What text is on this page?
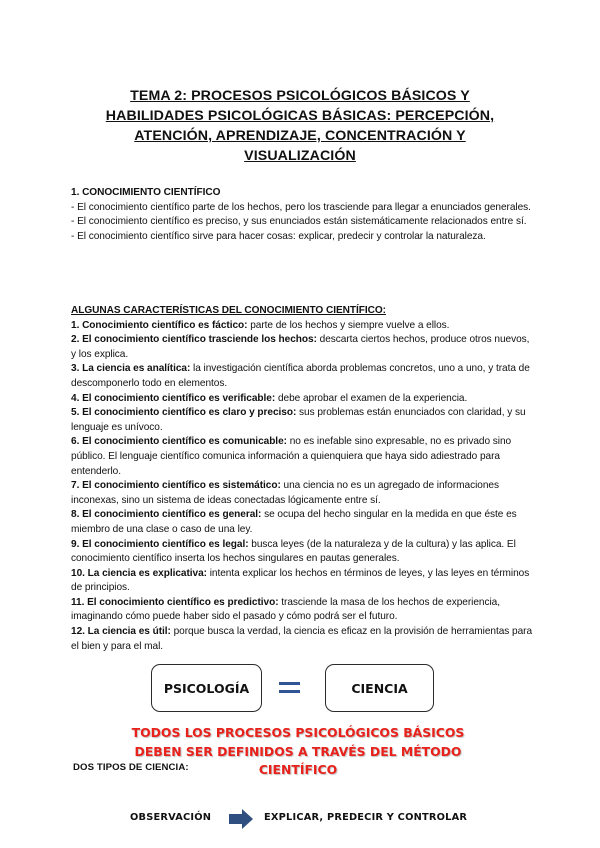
TEMA 2: PROCESOS PSICOLÓGICOS BÁSICOS Y
HABILIDADES PSICOLÓGICAS BÁSICAS: PERCEPCIÓN,
ATENCIÓN, APRENDIZAJE, CONCENTRACIÓN Y
VISUALIZACIÓN
1. CONOCIMIENTO CIENTÍFICO
- El conocimiento científico parte de los hechos, pero los trasciende para llegar a enunciados generales.
- El conocimiento científico es preciso, y sus enunciados están sistemáticamente relacionados entre sí.
- El conocimiento científico sirve para hacer cosas: explicar, predecir y controlar la naturaleza.
ALGUNAS CARACTERÍSTICAS DEL CONOCIMIENTO CIENTÍFICO:
1. Conocimiento científico es fáctico: parte de los hechos y siempre vuelve a ellos.
2. El conocimiento científico trasciende los hechos: descarta ciertos hechos, produce otros nuevos, y los explica.
3. La ciencia es analítica: la investigación científica aborda problemas concretos, uno a uno, y trata de descomponerlo todo en elementos.
4. El conocimiento científico es verificable: debe aprobar el examen de la experiencia.
5. El conocimiento científico es claro y preciso: sus problemas están enunciados con claridad, y su lenguaje es unívoco.
6. El conocimiento científico es comunicable: no es inefable sino expresable, no es privado sino público. El lenguaje científico comunica información a quienquiera que haya sido adiestrado para entenderlo.
7. El conocimiento científico es sistemático: una ciencia no es un agregado de informaciones inconexas, sino un sistema de ideas conectadas lógicamente entre sí.
8. El conocimiento científico es general: se ocupa del hecho singular en la medida en que éste es miembro de una clase o caso de una ley.
9. El conocimiento científico es legal: busca leyes (de la naturaleza y de la cultura) y las aplica. El conocimiento científico inserta los hechos singulares en pautas generales.
10. La ciencia es explicativa: intenta explicar los hechos en términos de leyes, y las leyes en términos de principios.
11. El conocimiento científico es predictivo: trasciende la masa de los hechos de experiencia, imaginando cómo puede haber sido el pasado y cómo podrá ser el futuro.
12. La ciencia es útil: porque busca la verdad, la ciencia es eficaz en la provisión de herramientas para el bien y para el mal.
PSICOLOGÍA	CIENCIA
DOS TIPOS DE CIENCIA:
TODOS LOS PROCESOS PSICOLÓGICOS BÁSICOS
DEBEN SER DEFINIDOS A TRAVÉS DEL MÉTODO
CIENTÍFICO
OBSERVACIÓN	EXPLICAR, PREDECIR Y CONTROLAR
